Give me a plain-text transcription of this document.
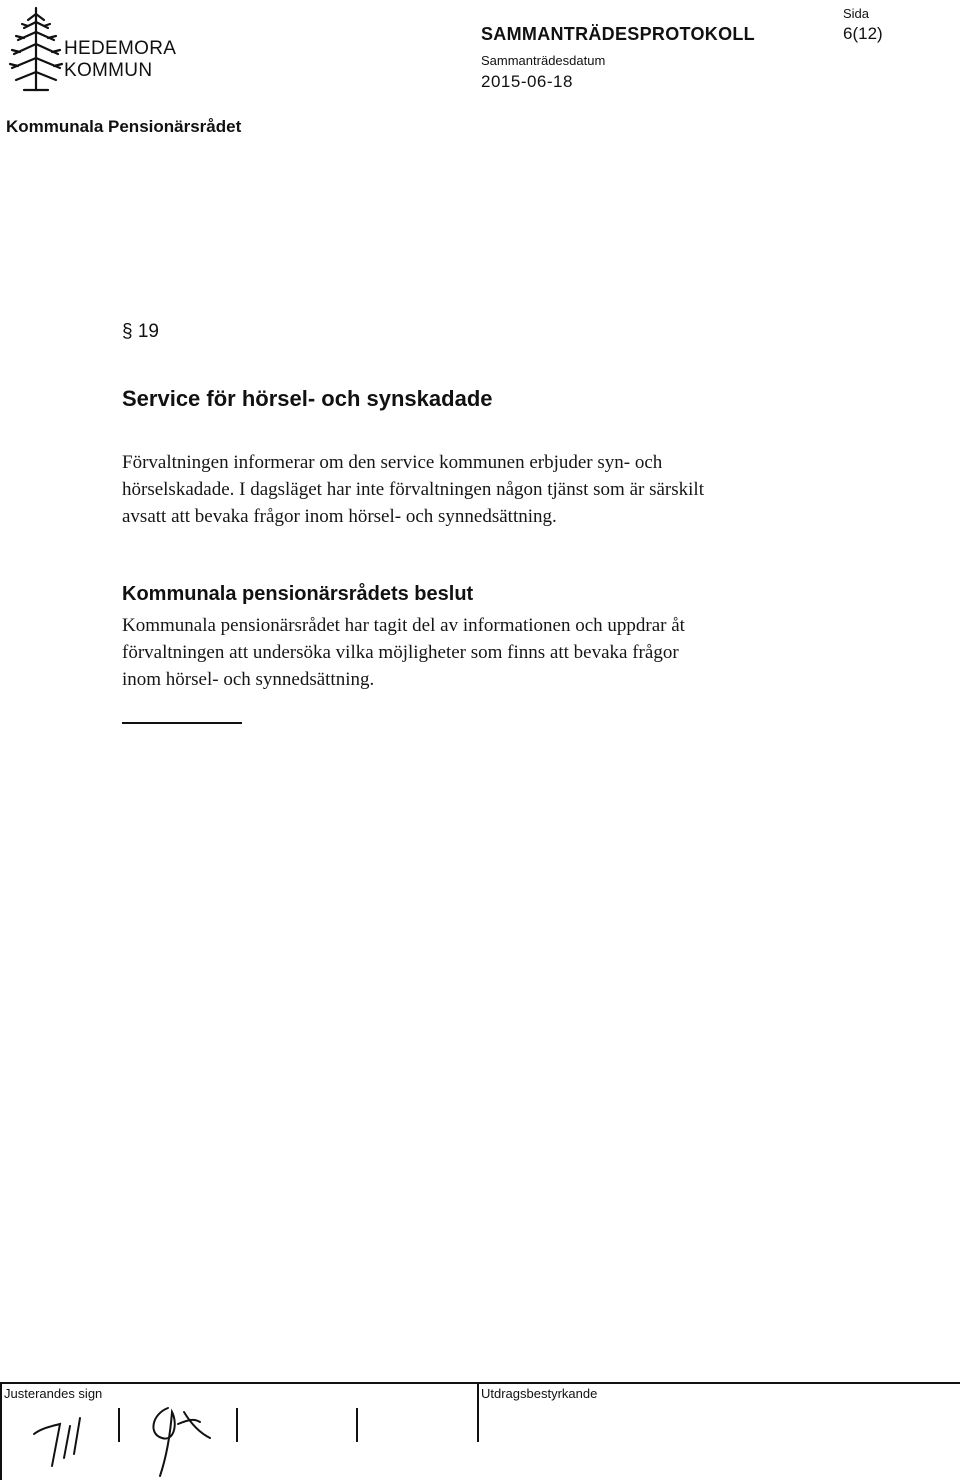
HEDEMORA
KOMMUN
SAMMANTRÄDESPROTOKOLL
Sammanträdesdatum
2015-06-18
Sida
6(12)
Kommunala Pensionärsrådet
§ 19
Service för hörsel- och synskadade
Förvaltningen informerar om den service kommunen erbjuder syn- och
hörselskadade. I dagsläget har inte förvaltningen någon tjänst som är särskilt
avsatt att bevaka frågor inom hörsel- och synnedsättning.
Kommunala pensionärsrådets beslut
Kommunala pensionärsrådet har tagit del av informationen och uppdrar åt
förvaltningen att undersöka vilka möjligheter som finns att bevaka frågor
inom hörsel- och synnedsättning.
Justerandes sign	Utdragsbestyrkande
